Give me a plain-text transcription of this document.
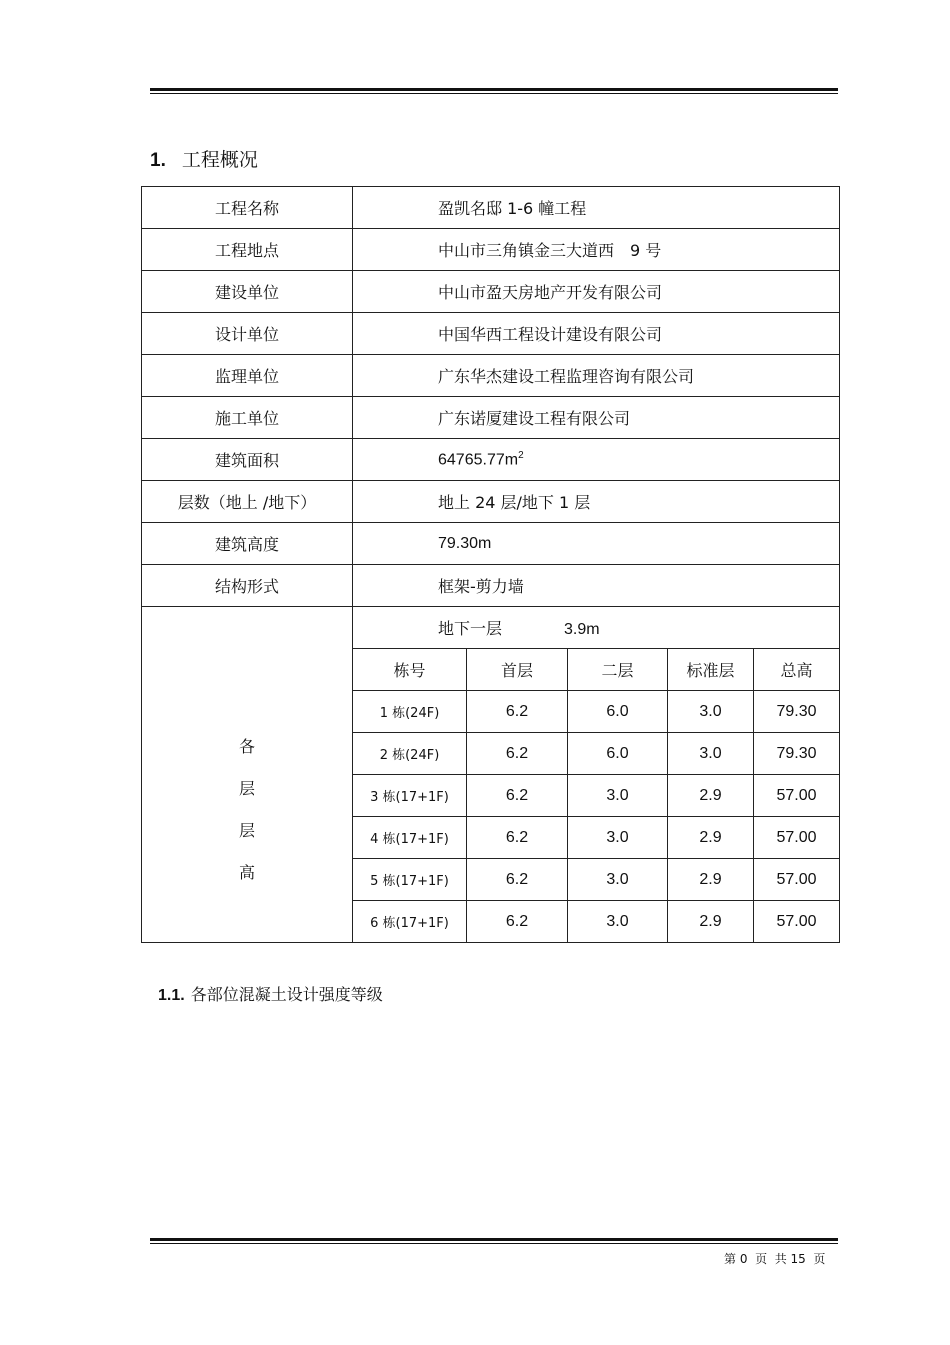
1. 工程概况
工程名称	盈凯名邸 1-6 幢工程				
工程地点	中山市三角镇金三大道西　9 号				
建设单位	中山市盈天房地产开发有限公司				
设计单位	中国华西工程设计建设有限公司				
监理单位	广东华杰建设工程监理咨询有限公司				
施工单位	广东诺厦建设工程有限公司				
建筑面积	$64765.77m^2$
层数（地上 /地下）	地上 24 层/地下 1 层				
建筑高度	79.30m				
结构形式	框架-剪力墙				

各
层
层
高	地下一层 3.9m				
	栋号	首层	二层	标准层	总高
	1 栋(24F)	6.2	6.0	3.0	79.30
	2 栋(24F)	6.2	6.0	3.0	79.30
	3 栋(17+1F)	6.2	3.0	2.9	57.00
	4 栋(17+1F)	6.2	3.0	2.9	57.00
	5 栋(17+1F)	6.2	3.0	2.9	57.00
	6 栋(17+1F)	6.2	3.0	2.9	57.00
1.1. 各部位混凝土设计强度等级
第 0  页  共 15  页
